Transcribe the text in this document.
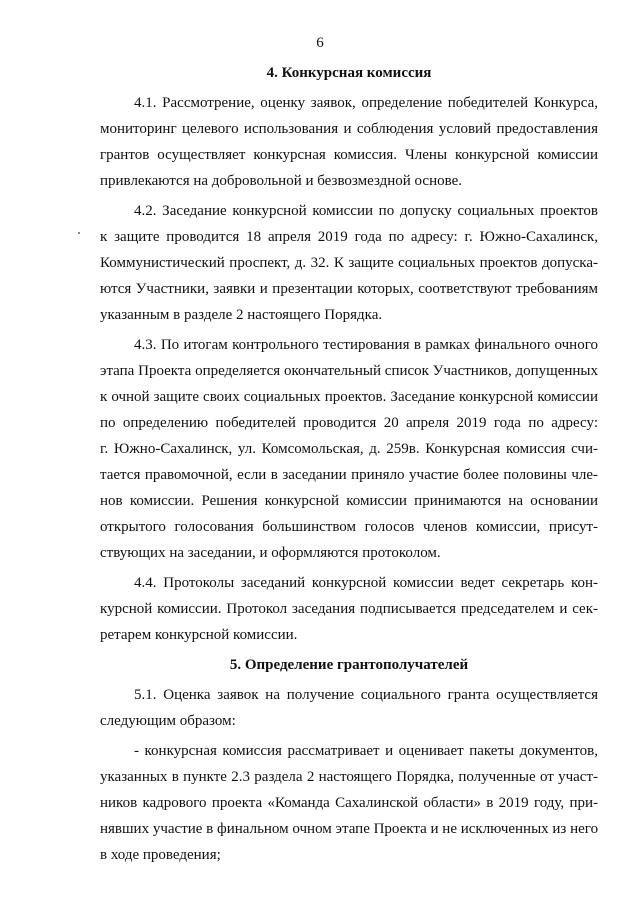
6
4. Конкурсная комиссия
4.1. Рассмотрение, оценку заявок, определение победителей Конкурса,
мониторинг целевого использования и соблюдения условий предоставления
грантов осуществляет конкурсная комиссия. Члены конкурсной комиссии
привлекаются на добровольной и безвозмездной основе.
4.2. Заседание конкурсной комиссии по допуску социальных проектов
к защите проводится 18 апреля 2019 года по адресу: г. Южно-Сахалинск,
Коммунистический проспект, д. 32. К защите социальных проектов допуска-
ются Участники, заявки и презентации которых, соответствуют требованиям
указанным в разделе 2 настоящего Порядка.
4.3. По итогам контрольного тестирования в рамках финального очного
этапа Проекта определяется окончательный список Участников, допущенных
к очной защите своих социальных проектов. Заседание конкурсной комиссии
по определению победителей проводится 20 апреля 2019 года по адресу:
г. Южно-Сахалинск, ул. Комсомольская, д. 259в. Конкурсная комиссия счи-
тается правомочной, если в заседании приняло участие более половины чле-
нов комиссии. Решения конкурсной комиссии принимаются на основании
открытого голосования большинством голосов членов комиссии, присут-
ствующих на заседании, и оформляются протоколом.
4.4. Протоколы заседаний конкурсной комиссии ведет секретарь кон-
курсной комиссии. Протокол заседания подписывается председателем и сек-
ретарем конкурсной комиссии.
5. Определение грантополучателей
5.1. Оценка заявок на получение социального гранта осуществляется
следующим образом:
- конкурсная комиссия рассматривает и оценивает пакеты документов,
указанных в пункте 2.3 раздела 2 настоящего Порядка, полученные от участ-
ников кадрового проекта «Команда Сахалинской области» в 2019 году, при-
нявших участие в финальном очном этапе Проекта и не исключенных из него
в ходе проведения;
